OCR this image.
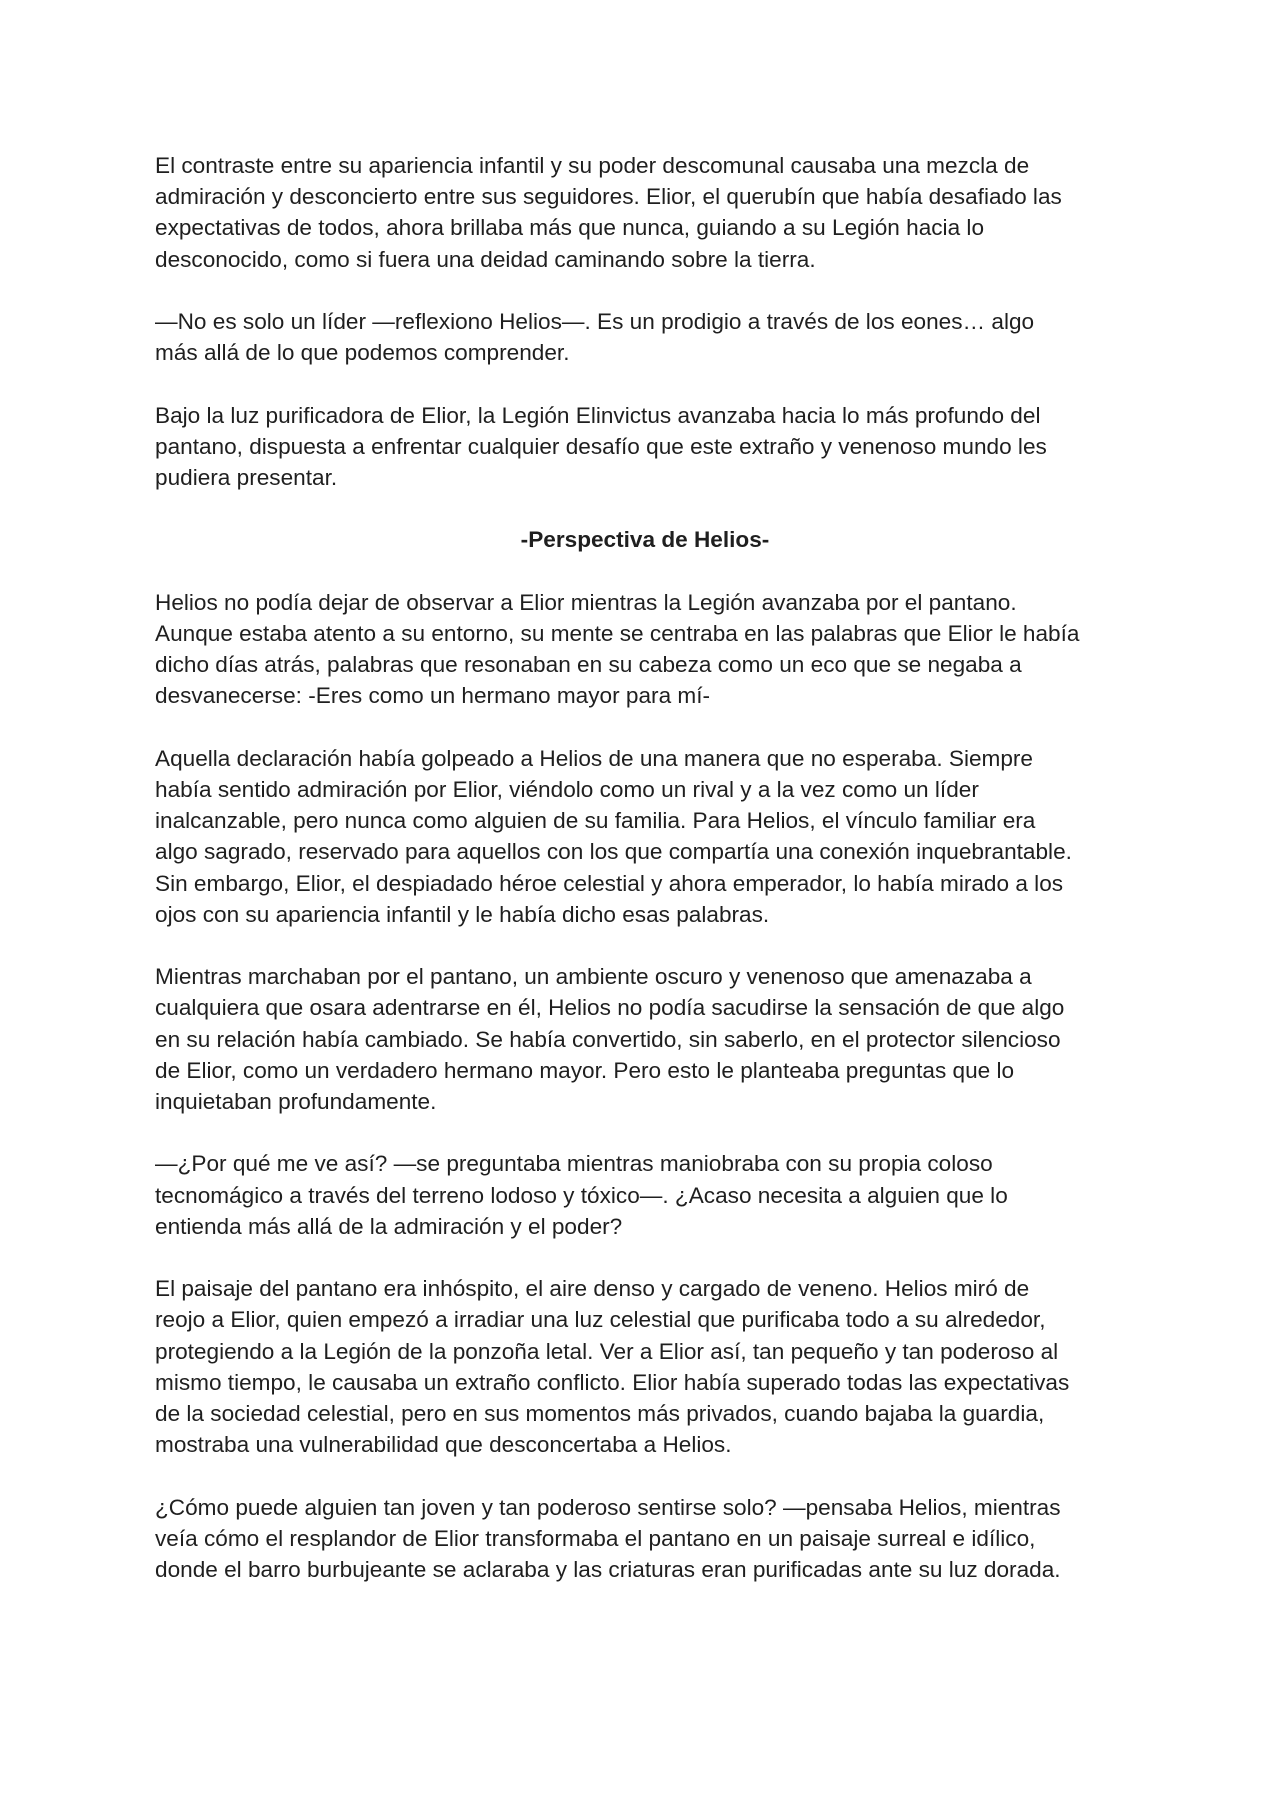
El contraste entre su apariencia infantil y su poder descomunal causaba una mezcla de
admiración y desconcierto entre sus seguidores. Elior, el querubín que había desafiado las
expectativas de todos, ahora brillaba más que nunca, guiando a su Legión hacia lo
desconocido, como si fuera una deidad caminando sobre la tierra.

—No es solo un líder —reflexiono Helios—. Es un prodigio a través de los eones… algo
más allá de lo que podemos comprender.

Bajo la luz purificadora de Elior, la Legión Elinvictus avanzaba hacia lo más profundo del
pantano, dispuesta a enfrentar cualquier desafío que este extraño y venenoso mundo les
pudiera presentar.

-Perspectiva de Helios-

Helios no podía dejar de observar a Elior mientras la Legión avanzaba por el pantano.
Aunque estaba atento a su entorno, su mente se centraba en las palabras que Elior le había
dicho días atrás, palabras que resonaban en su cabeza como un eco que se negaba a
desvanecerse: -Eres como un hermano mayor para mí-

Aquella declaración había golpeado a Helios de una manera que no esperaba. Siempre
había sentido admiración por Elior, viéndolo como un rival y a la vez como un líder
inalcanzable, pero nunca como alguien de su familia. Para Helios, el vínculo familiar era
algo sagrado, reservado para aquellos con los que compartía una conexión inquebrantable.
Sin embargo, Elior, el despiadado héroe celestial y ahora emperador, lo había mirado a los
ojos con su apariencia infantil y le había dicho esas palabras.

Mientras marchaban por el pantano, un ambiente oscuro y venenoso que amenazaba a
cualquiera que osara adentrarse en él, Helios no podía sacudirse la sensación de que algo
en su relación había cambiado. Se había convertido, sin saberlo, en el protector silencioso
de Elior, como un verdadero hermano mayor. Pero esto le planteaba preguntas que lo
inquietaban profundamente.

—¿Por qué me ve así? —se preguntaba mientras maniobraba con su propia coloso
tecnomágico a través del terreno lodoso y tóxico—. ¿Acaso necesita a alguien que lo
entienda más allá de la admiración y el poder?

El paisaje del pantano era inhóspito, el aire denso y cargado de veneno. Helios miró de
reojo a Elior, quien empezó a irradiar una luz celestial que purificaba todo a su alrededor,
protegiendo a la Legión de la ponzoña letal. Ver a Elior así, tan pequeño y tan poderoso al
mismo tiempo, le causaba un extraño conflicto. Elior había superado todas las expectativas
de la sociedad celestial, pero en sus momentos más privados, cuando bajaba la guardia,
mostraba una vulnerabilidad que desconcertaba a Helios.

¿Cómo puede alguien tan joven y tan poderoso sentirse solo? —pensaba Helios, mientras
veía cómo el resplandor de Elior transformaba el pantano en un paisaje surreal e idílico,
donde el barro burbujeante se aclaraba y las criaturas eran purificadas ante su luz dorada.
